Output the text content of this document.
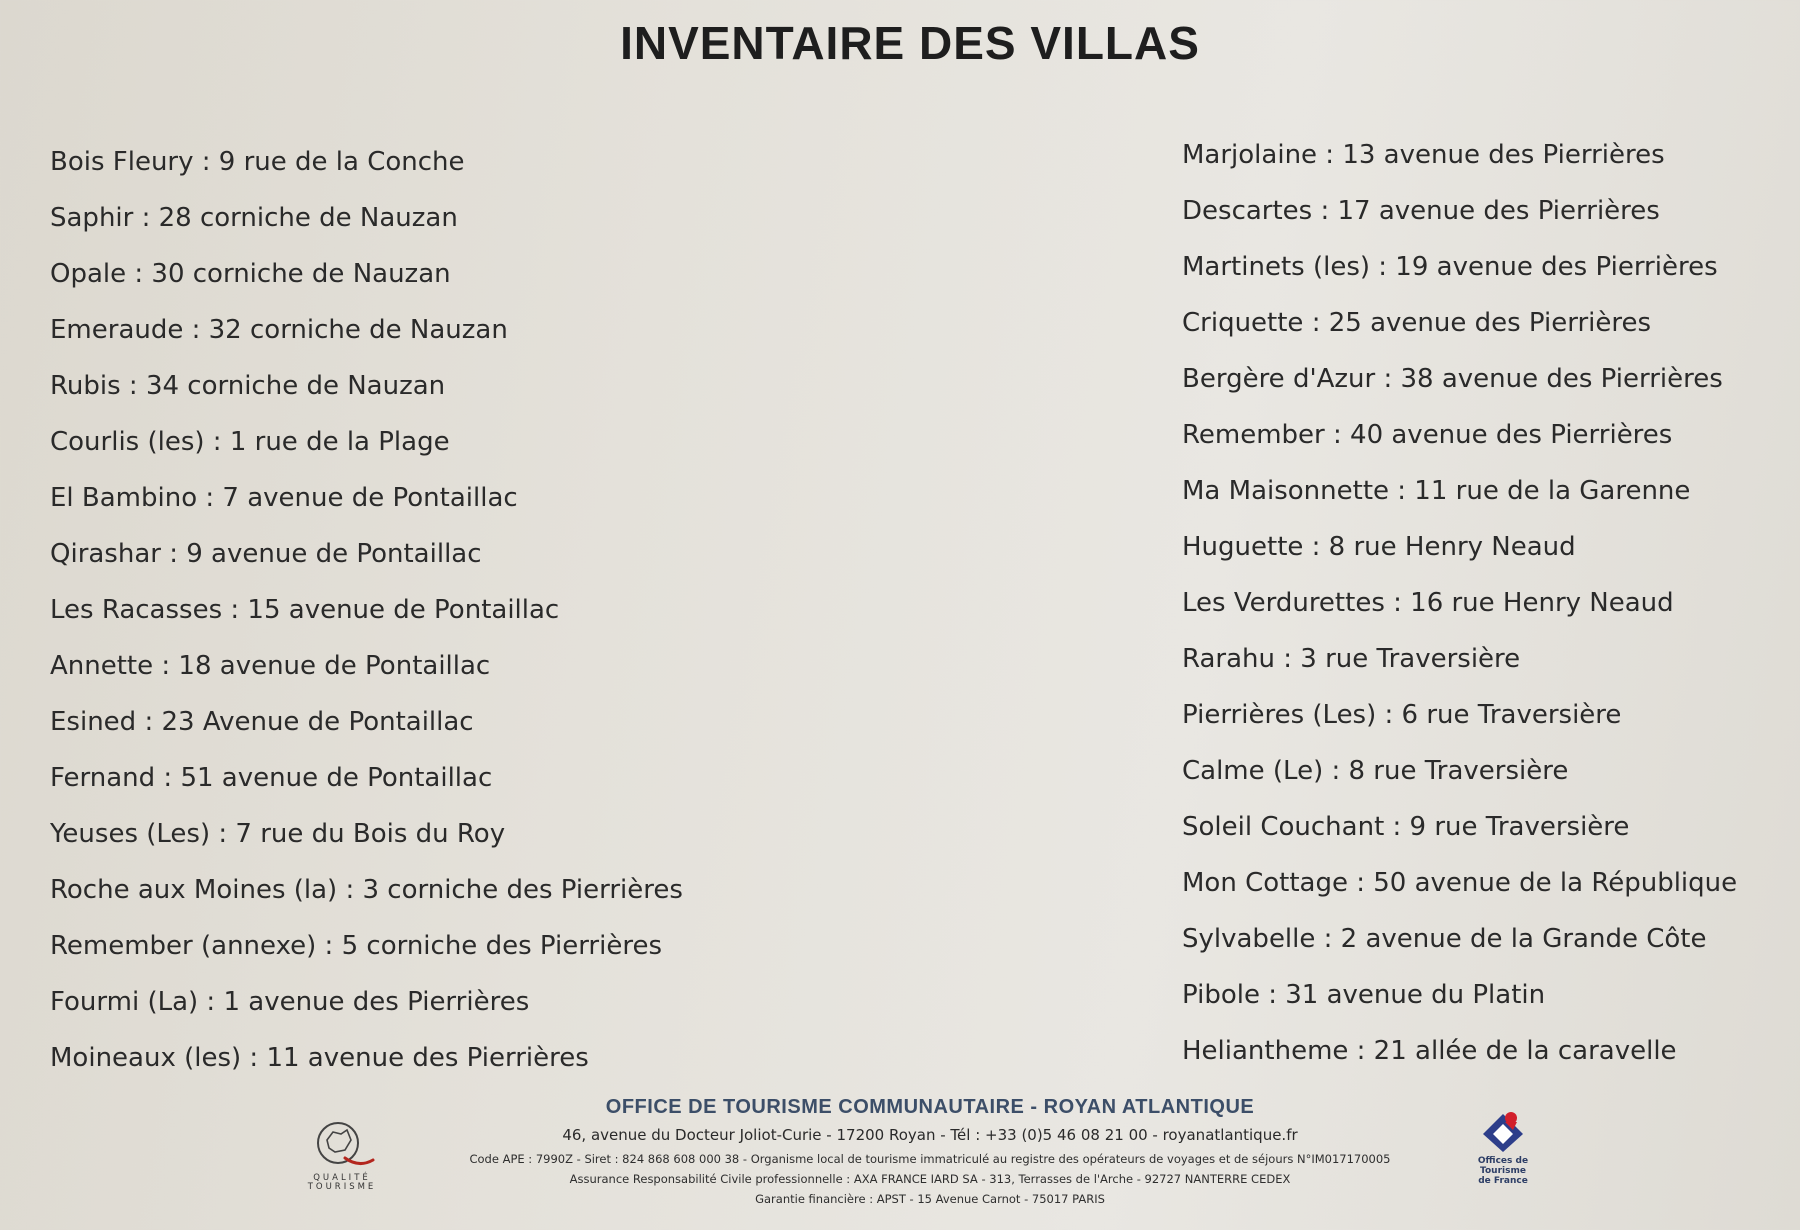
INVENTAIRE DES VILLAS
Bois Fleury : 9 rue de la Conche
Saphir : 28 corniche de Nauzan
Opale : 30 corniche de Nauzan
Emeraude : 32 corniche de Nauzan
Rubis : 34 corniche de Nauzan
Courlis (les) : 1 rue de la Plage
El Bambino : 7 avenue de Pontaillac
Qirashar : 9 avenue de Pontaillac
Les Racasses : 15 avenue de Pontaillac
Annette : 18 avenue de Pontaillac
Esined : 23 Avenue de Pontaillac
Fernand : 51 avenue de Pontaillac
Yeuses (Les) : 7 rue du Bois du Roy
Roche aux Moines (la) : 3 corniche des Pierrières
Remember (annexe) : 5 corniche des Pierrières
Fourmi (La) : 1 avenue des Pierrières
Moineaux (les) : 11 avenue des Pierrières
Marjolaine : 13 avenue des Pierrières
Descartes : 17 avenue des Pierrières
Martinets (les) : 19 avenue des Pierrières
Criquette : 25 avenue des Pierrières
Bergère d'Azur : 38 avenue des Pierrières
Remember : 40 avenue des Pierrières
Ma Maisonnette : 11 rue de la Garenne
Huguette : 8 rue Henry Neaud
Les Verdurettes : 16 rue Henry Neaud
Rarahu : 3 rue Traversière
Pierrières (Les) : 6 rue Traversière
Calme (Le) : 8 rue Traversière
Soleil Couchant : 9 rue Traversière
Mon Cottage : 50 avenue de la République
Sylvabelle : 2 avenue de la Grande Côte
Pibole : 31 avenue du Platin
Heliantheme : 21 allée de la caravelle
QUALITÉ TOURISME
OFFICE DE TOURISME COMMUNAUTAIRE - ROYAN ATLANTIQUE
46, avenue du Docteur Joliot-Curie - 17200 Royan - Tél : +33 (0)5 46 08 21 00 - royanatlantique.fr
Code APE : 7990Z - Siret : 824 868 608 000 38 - Organisme local de tourisme immatriculé au registre des opérateurs de voyages et de séjours N°IM017170005
Assurance Responsabilité Civile professionnelle : AXA FRANCE IARD SA - 313, Terrasses de l'Arche - 92727 NANTERRE CEDEX
Garantie financière : APST - 15 Avenue Carnot - 75017 PARIS
Offices de
Tourisme
de France
